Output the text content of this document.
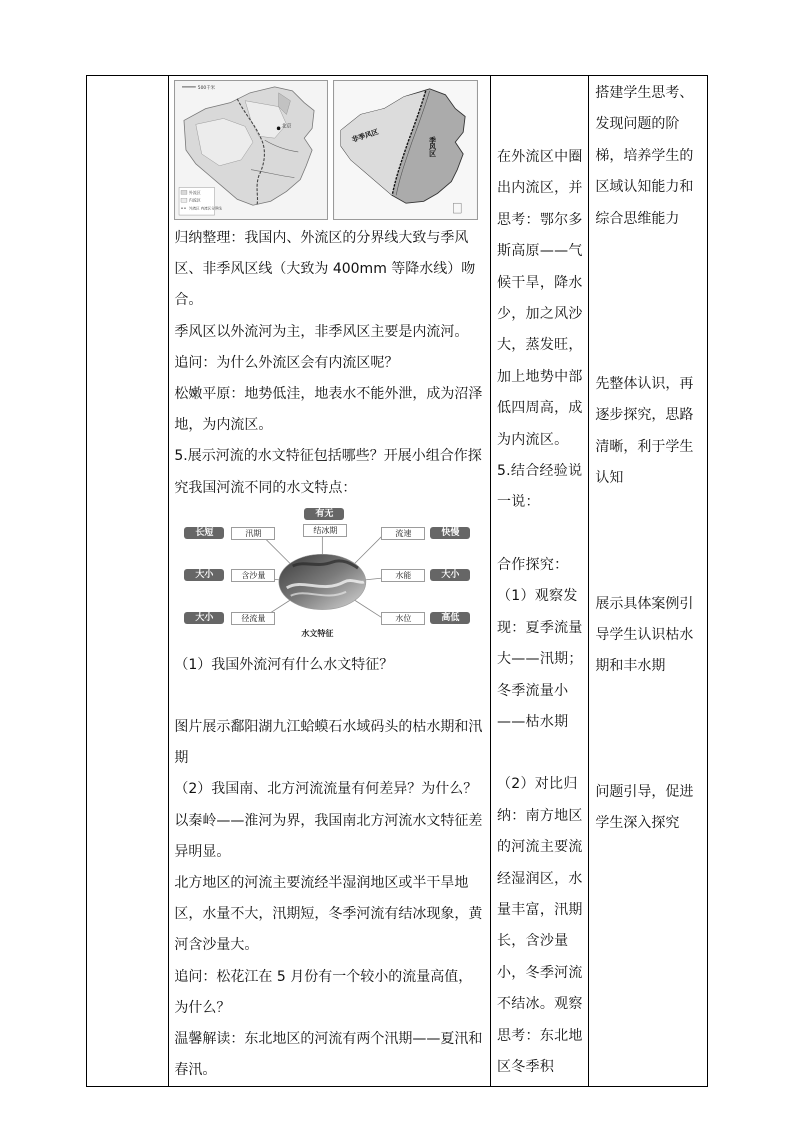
北京
500千米
外流区
内流区
外流区 内流区分界线
非季风区
季风区

归纳整理：我国内、外流区的分界线大致与季风区、非季风区线（大致为 400mm 等降水线）吻合。

季风区以外流河为主，非季风区主要是内流河。

追问：为什么外流区会有内流区呢？

松嫩平原：地势低洼，地表水不能外泄，成为沼泽地，为内流区。

5.展示河流的水文特征包括哪些？开展小组合作探究我国河流不同的水文特点：

有无
结冰期
长短	汛期
大小	含沙量
大小	径流量
流速	快慢
水能	大小
水位	高低
水文特征

（1）我国外流河有什么水文特征？

图片展示鄱阳湖九江蛤蟆石水域码头的枯水期和汛期

（2）我国南、北方河流流量有何差异？为什么？以秦岭——淮河为界，我国南北方河流水文特征差异明显。

北方地区的河流主要流经半湿润地区或半干旱地区，水量不大，汛期短，冬季河流有结冰现象，黄河含沙量大。

追问：松花江在 5 月份有一个较小的流量高值，为什么？

温馨解读：东北地区的河流有两个汛期——夏汛和春汛。

在外流区中圈出内流区，并思考：鄂尔多斯高原——气候干旱，降水少，加之风沙大，蒸发旺，加上地势中部低四周高，成为内流区。

5.结合经验说一说：

合作探究：

（1）观察发现：夏季流量大——汛期；冬季流量小——枯水期

（2）对比归纳：南方地区的河流主要流经湿润区，水量丰富，汛期长，含沙量小，冬季河流不结冰。观察思考：东北地区冬季积

搭建学生思考、发现问题的阶梯，培养学生的区域认知能力和综合思维能力

先整体认识，再逐步探究，思路清晰，利于学生认知

展示具体案例引导学生认识枯水期和丰水期

问题引导，促进学生深入探究
